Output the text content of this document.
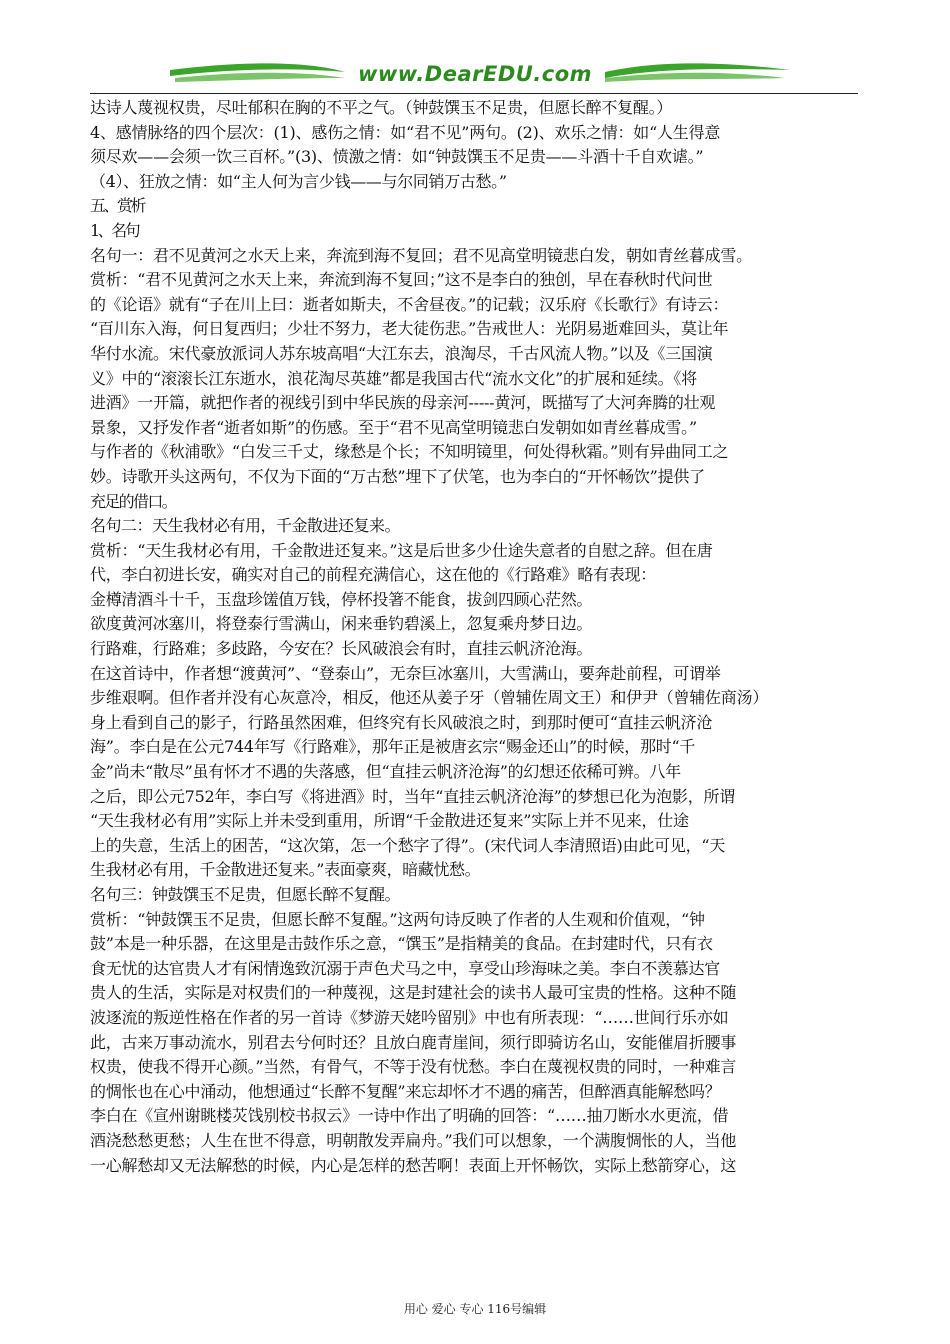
www.DearEDU.com

达诗人蔑视权贵，尽吐郁积在胸的不平之气。（钟鼓馔玉不足贵，但愿长醉不复醒。）

4、感情脉络的四个层次：(1)、感伤之情：如“君不见”两句。(2)、欢乐之情：如“人生得意

须尽欢——会须一饮三百杯。”(3)、愤激之情：如“钟鼓馔玉不足贵——斗酒十千自欢谑。”

（4）、狂放之情：如“主人何为言少钱——与尔同销万古愁。”

五、赏析

1、名句

名句一：君不见黄河之水天上来，奔流到海不复回；君不见高堂明镜悲白发，朝如青丝暮成雪。

赏析：“君不见黄河之水天上来，奔流到海不复回；”这不是李白的独创，早在春秋时代问世

的《论语》就有“子在川上曰：逝者如斯夫，不舍昼夜。”的记载；汉乐府《长歌行》有诗云：

“百川东入海，何日复西归；少壮不努力，老大徒伤悲。”告戒世人：光阴易逝难回头，莫让年

华付水流。宋代豪放派词人苏东坡高唱“大江东去，浪淘尽，千古风流人物。”以及《三国演

义》中的“滚滚长江东逝水，浪花淘尽英雄”都是我国古代“流水文化”的扩展和延续。《将

进酒》一开篇，就把作者的视线引到中华民族的母亲河-----黄河，既描写了大河奔腾的壮观

景象，又抒发作者“逝者如斯”的伤感。至于“君不见高堂明镜悲白发朝如如青丝暮成雪。”

与作者的《秋浦歌》“白发三千丈，缘愁是个长；不知明镜里，何处得秋霜。”则有异曲同工之

妙。诗歌开头这两句，不仅为下面的“万古愁”埋下了伏笔，也为李白的“开怀畅饮”提供了

充足的借口。

名句二：天生我材必有用，千金散进还复来。

赏析：“天生我材必有用，千金散进还复来。”这是后世多少仕途失意者的自慰之辞。但在唐

代，李白初进长安，确实对自己的前程充满信心，这在他的《行路难》略有表现：

金樽清酒斗十千，玉盘珍馐值万钱，停杯投箸不能食，拔剑四顾心茫然。

欲度黄河冰塞川，将登泰行雪满山，闲来垂钓碧溪上，忽复乘舟梦日边。

行路难，行路难；多歧路，今安在？长风破浪会有时，直挂云帆济沧海。

在这首诗中，作者想“渡黄河”、“登泰山”，无奈巨冰塞川，大雪满山，要奔赴前程，可谓举

步维艰啊。但作者并没有心灰意冷，相反，他还从姜子牙（曾辅佐周文王）和伊尹（曾辅佐商汤）

身上看到自己的影子，行路虽然困难，但终究有长风破浪之时，到那时便可“直挂云帆济沧

海”。李白是在公元744年写《行路难》，那年正是被唐玄宗“赐金还山”的时候，那时“千

金”尚未“散尽”虽有怀才不遇的失落感，但“直挂云帆济沧海”的幻想还依稀可辨。八年

之后，即公元752年，李白写《将进酒》时，当年“直挂云帆济沧海”的梦想已化为泡影，所谓

“天生我材必有用”实际上并未受到重用，所谓“千金散进还复来”实际上并不见来，仕途

上的失意，生活上的困苦，“这次第，怎一个愁字了得”。(宋代词人李清照语)由此可见，“天

生我材必有用，千金散进还复来。”表面豪爽，暗藏忧愁。

名句三：钟鼓馔玉不足贵，但愿长醉不复醒。

赏析：“钟鼓馔玉不足贵，但愿长醉不复醒。”这两句诗反映了作者的人生观和价值观，“钟

鼓”本是一种乐器，在这里是击鼓作乐之意，“馔玉”是指精美的食品。在封建时代，只有衣

食无忧的达官贵人才有闲情逸致沉溺于声色犬马之中，享受山珍海味之美。李白不羡慕达官

贵人的生活，实际是对权贵们的一种蔑视，这是封建社会的读书人最可宝贵的性格。这种不随

波逐流的叛逆性格在作者的另一首诗《梦游天姥吟留别》中也有所表现：“……世间行乐亦如

此，古来万事动流水，别君去兮何时还？且放白鹿青崖间，须行即骑访名山，安能催眉折腰事

权贵，使我不得开心颜。”当然，有骨气，不等于没有忧愁。李白在蔑视权贵的同时，一种难言

的惆怅也在心中涌动，他想通过“长醉不复醒”来忘却怀才不遇的痛苦，但醉酒真能解愁吗？

李白在《宣州谢眺楼苂饯别校书叔云》一诗中作出了明确的回答：“……抽刀断水水更流，借

酒浇愁愁更愁；人生在世不得意，明朝散发弄扁舟。”我们可以想象，一个满腹惆怅的人，当他

一心解愁却又无法解愁的时候，内心是怎样的愁苦啊！表面上开怀畅饮，实际上愁箭穿心，这

用心 爱心 专心 116号编辑
